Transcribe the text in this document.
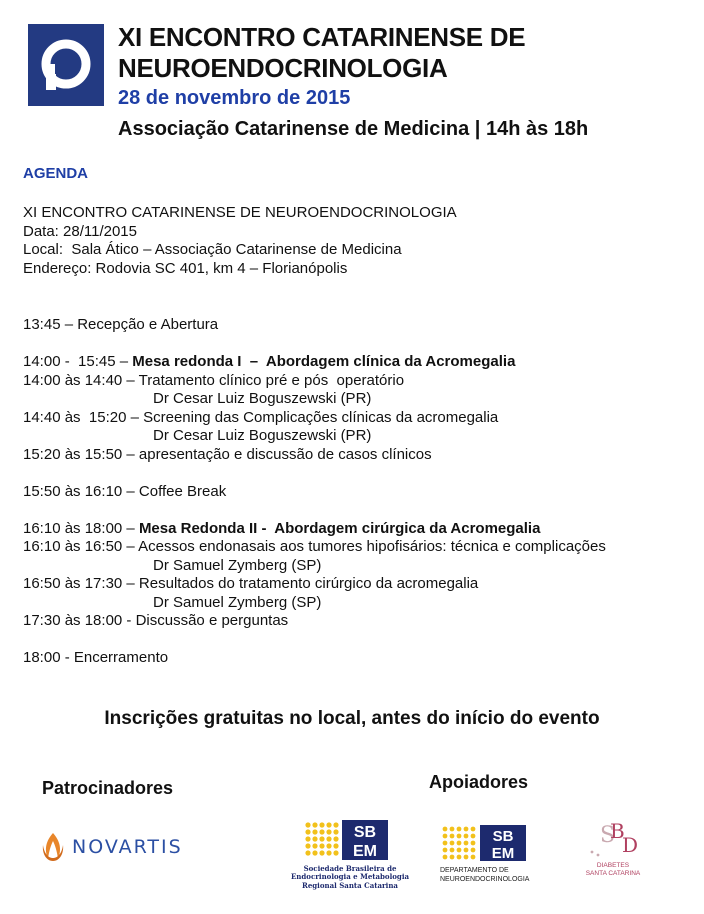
XI ENCONTRO CATARINENSE DE
NEUROENDOCRINOLOGIA
28 de novembro de 2015
Associação Catarinense de Medicina | 14h às 18h
AGENDA
XI ENCONTRO CATARINENSE DE NEUROENDOCRINOLOGIA
Data: 28/11/2015
Local:  Sala Ático – Associação Catarinense de Medicina
Endereço: Rodovia SC 401, km 4 – Florianópolis
13:45 – Recepção e Abertura
14:00 -  15:45 – Mesa redonda I  –  Abordagem clínica da Acromegalia
14:00 às 14:40 – Tratamento clínico pré e pós  operatório
Dr Cesar Luiz Boguszewski (PR)
14:40 às  15:20 – Screening das Complicações clínicas da acromegalia
Dr Cesar Luiz Boguszewski (PR)
15:20 às 15:50 – apresentação e discussão de casos clínicos
15:50 às 16:10 – Coffee Break
16:10 às 18:00 – Mesa Redonda II -  Abordagem cirúrgica da Acromegalia
16:10 às 16:50 – Acessos endonasais aos tumores hipofisários: técnica e complicações
Dr Samuel Zymberg (SP)
16:50 às 17:30 – Resultados do tratamento cirúrgico da acromegalia
Dr Samuel Zymberg (SP)
17:30 às 18:00 - Discussão e perguntas
18:00 - Encerramento
Inscrições gratuitas no local, antes do início do evento
Patrocinadores	Apoiadores
NOVARTIS
SB
EM
Sociedade Brasileira de
Endocrinologia e Metabologia
Regional Santa Catarina
SB
EM
DEPARTAMENTO DE
NEUROENDOCRINOLOGIA
S
B
D
DIABETES
SANTA CATARINA
